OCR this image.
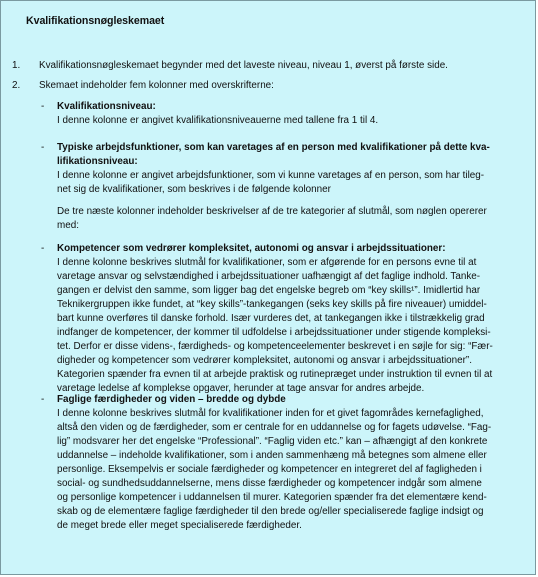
Kvalifikationsnøgleskemaet
1. Kvalifikationsnøgleskemaet begynder med det laveste niveau, niveau 1, øverst på første side.
2. Skemaet indeholder fem kolonner med overskrifterne:
- Kvalifikationsniveau:
I denne kolonne er angivet kvalifikationsniveauerne med tallene fra 1 til 4.
- Typiske arbejdsfunktioner, som kan varetages af en person med kvalifikationer på dette kva-
lifikationsniveau:
I denne kolonne er angivet arbejdsfunktioner, som vi kunne varetages af en person, som har tileg-
net sig de kvalifikationer, som beskrives i de følgende kolonner
De tre næste kolonner indeholder beskrivelser af de tre kategorier af slutmål, som nøglen opererer
med:
- Kompetencer som vedrører kompleksitet, autonomi og ansvar i arbejdssituationer:
I denne kolonne beskrives slutmål for kvalifikationer, som er afgørende for en persons evne til at
varetage ansvar og selvstændighed i arbejdssituationer uafhængigt af det faglige indhold. Tanke-
gangen er delvist den samme, som ligger bag det engelske begreb om “key skills¹”. Imidlertid har
Teknikergruppen ikke fundet, at “key skills”-tankegangen (seks key skills på fire niveauer) umiddel-
bart kunne overføres til danske forhold. Især vurderes det, at tankegangen ikke i tilstrækkelig grad
indfanger de kompetencer, der kommer til udfoldelse i arbejdssituationer under stigende kompleksi-
tet. Derfor er disse videns-, færdigheds- og kompetenceelementer beskrevet i en søjle for sig: “Fær-
digheder og kompetencer som vedrører kompleksitet, autonomi og ansvar i arbejdssituationer”.
Kategorien spænder fra evnen til at arbejde praktisk og rutinepræget under instruktion til evnen til at
varetage ledelse af komplekse opgaver, herunder at tage ansvar for andres arbejde.
- Faglige færdigheder og viden – bredde og dybde
I denne kolonne beskrives slutmål for kvalifikationer inden for et givet fagområdes kernefaglighed,
altså den viden og de færdigheder, som er centrale for en uddannelse og for fagets udøvelse. “Fag-
lig” modsvarer her det engelske “Professional”. “Faglig viden etc.” kan – afhængigt af den konkrete
uddannelse – indeholde kvalifikationer, som i anden sammenhæng må betegnes som almene eller
personlige. Eksempelvis er sociale færdigheder og kompetencer en integreret del af fagligheden i
social- og sundhedsuddannelserne, mens disse færdigheder og kompetencer indgår som almene
og personlige kompetencer i uddannelsen til murer. Kategorien spænder fra det elementære kend-
skab og de elementære faglige færdigheder til den brede og/eller specialiserede faglige indsigt og
de meget brede eller meget specialiserede færdigheder.
